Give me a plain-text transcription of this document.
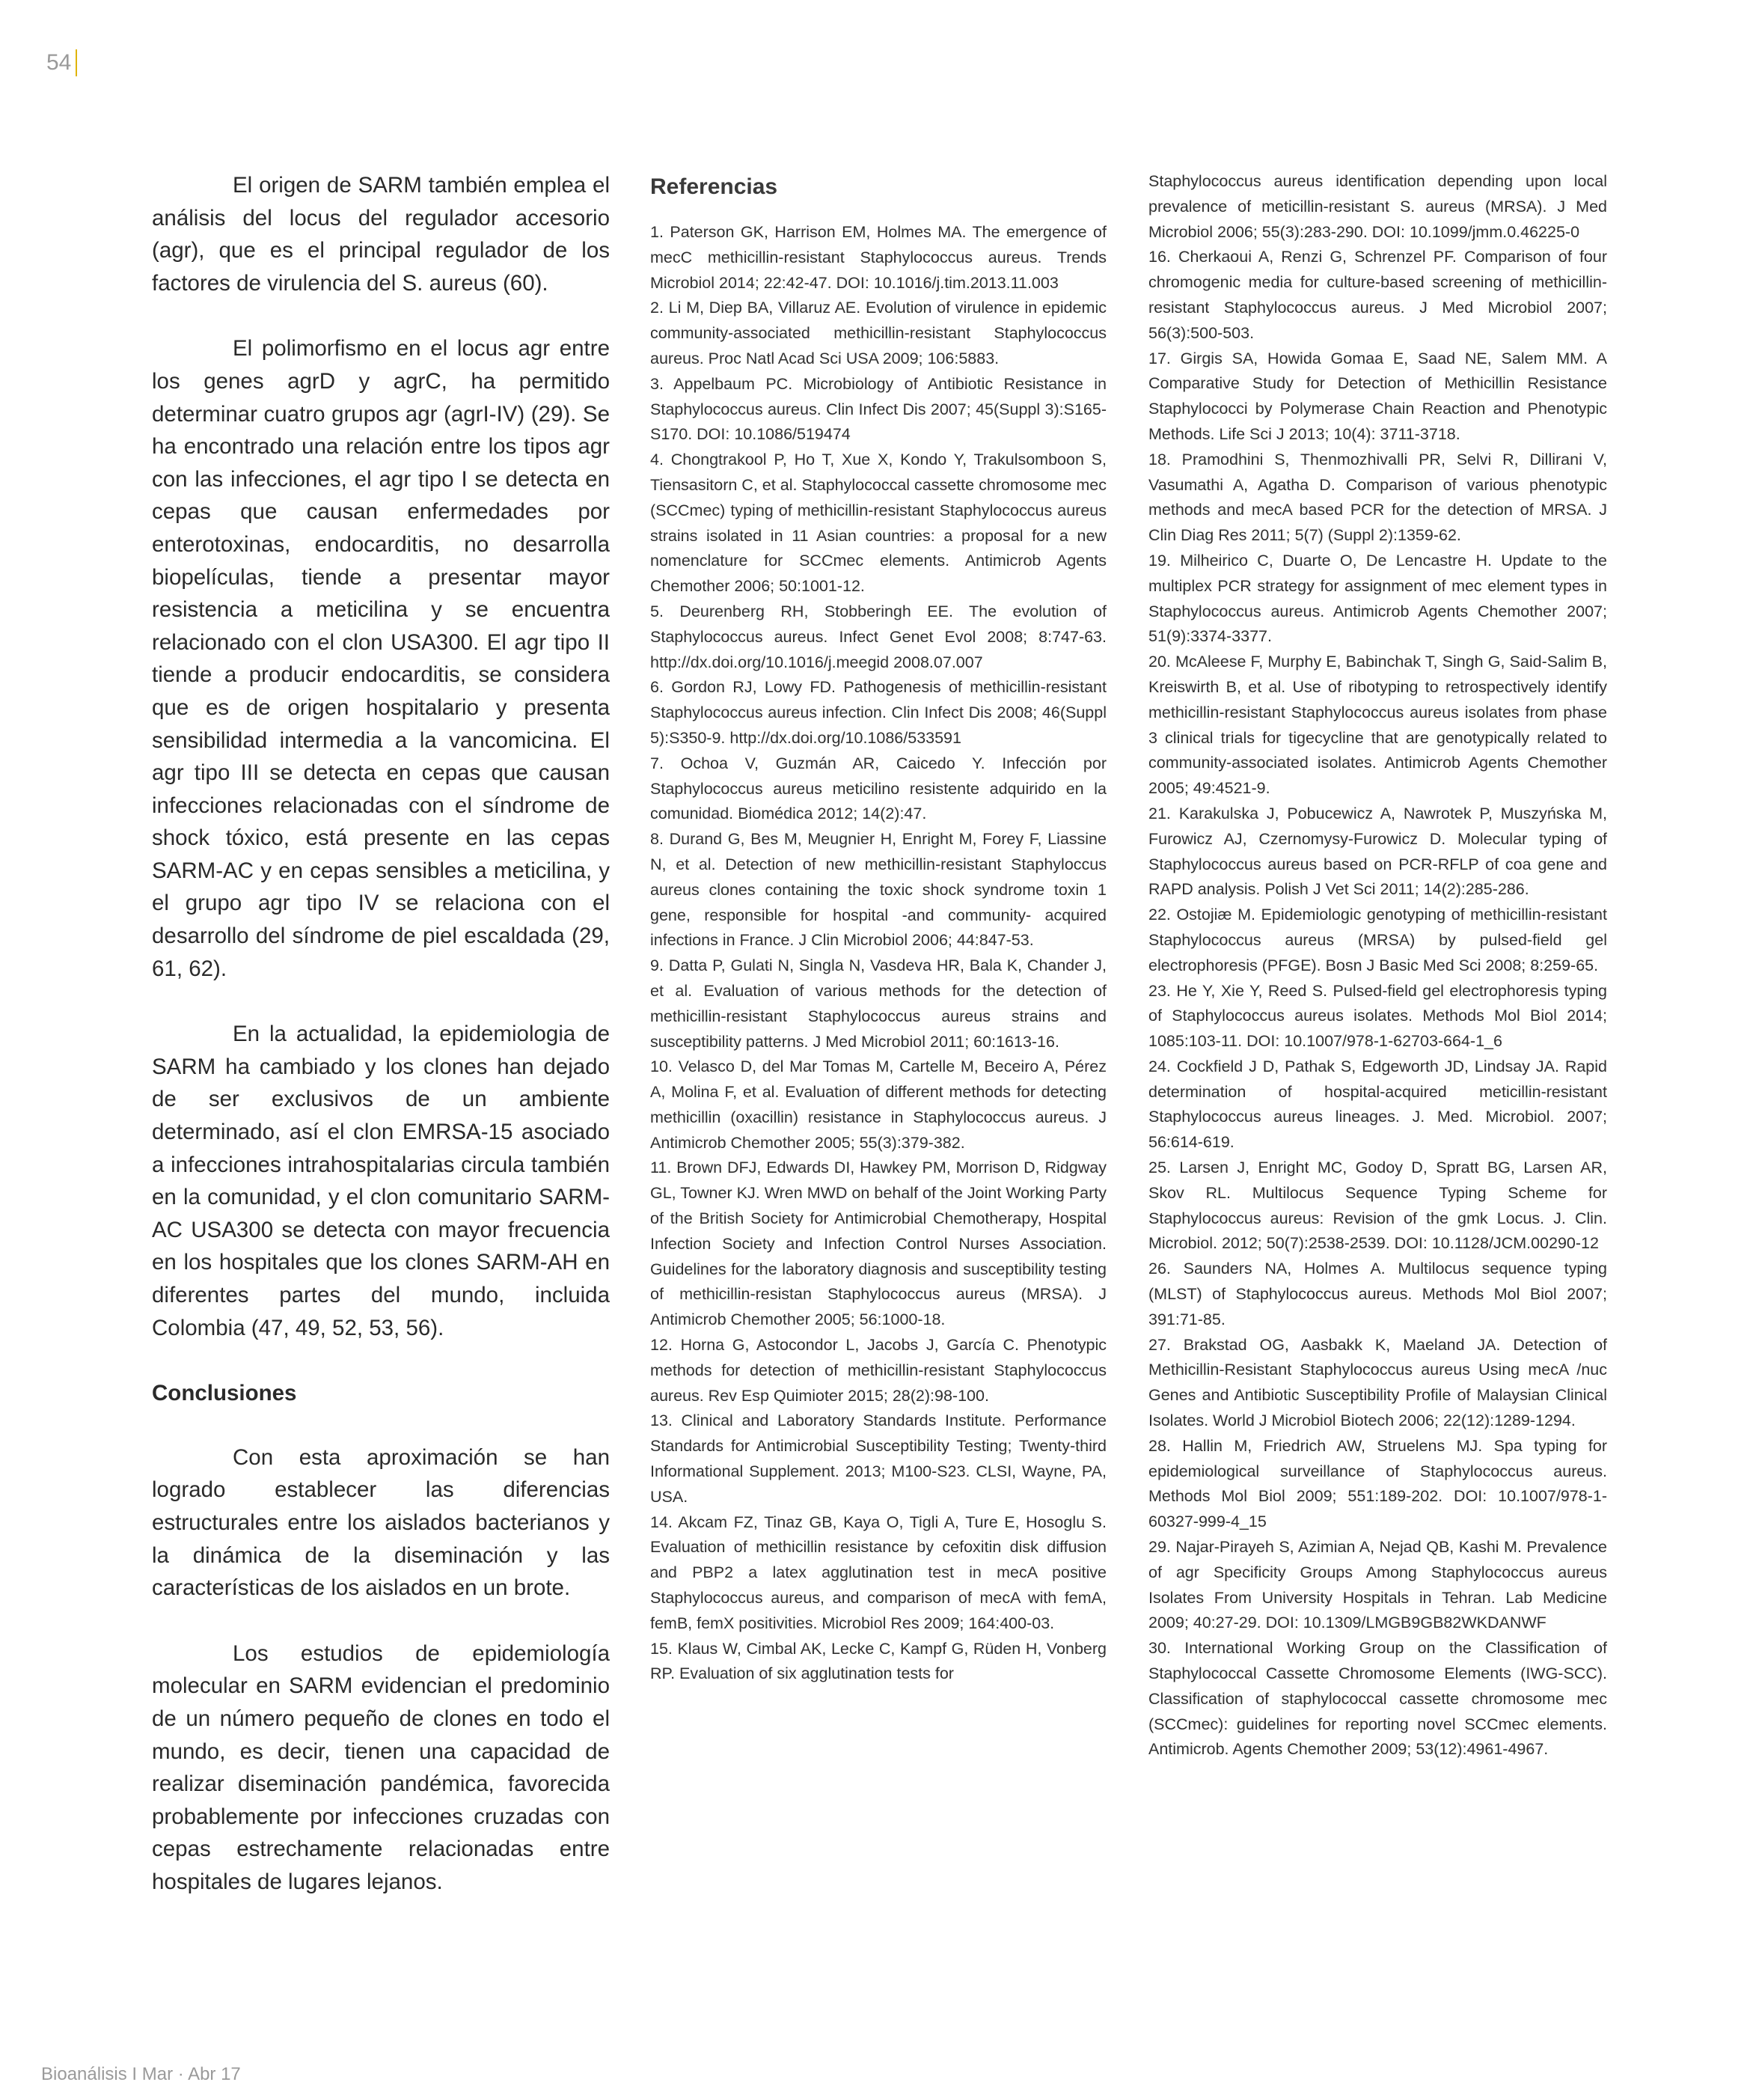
54

El origen de SARM también emplea el análisis del locus del regulador accesorio (agr), que es el principal regulador de los factores de virulencia del S. aureus (60).

El polimorfismo en el locus agr entre los genes agrD y agrC, ha permitido determinar cuatro grupos agr (agrI-IV) (29). Se ha encontrado una relación entre los tipos agr con las infecciones, el agr tipo I se detecta en cepas que causan enfermedades por enterotoxinas, endocarditis, no desarrolla biopelículas, tiende a presentar mayor resistencia a meticilina y se encuentra relacionado con el clon USA300. El agr tipo II tiende a producir endocarditis, se considera que es de origen hospitalario y presenta sensibilidad intermedia a la vancomicina. El agr tipo III se detecta en cepas que causan infecciones relacionadas con el síndrome de shock tóxico, está presente en las cepas SARM-AC y en cepas sensibles a meticilina, y el grupo agr tipo IV se relaciona con el desarrollo del síndrome de piel escaldada (29, 61, 62).

En la actualidad, la epidemiologia de SARM ha cambiado y los clones han dejado de ser exclusivos de un ambiente determinado, así el clon EMRSA-15 asociado a infecciones intrahospitalarias circula también en la comunidad, y el clon comunitario SARM-AC USA300 se detecta con mayor frecuencia en los hospitales que los clones SARM-AH en diferentes partes del mundo, incluida Colombia (47, 49, 52, 53, 56).

Conclusiones

Con esta aproximación se han logrado establecer las diferencias estructurales entre los aislados bacterianos y la dinámica de la diseminación y las características de los aislados en un brote.

Los estudios de epidemiología molecular en SARM evidencian el predominio de un número pequeño de clones en todo el mundo, es decir, tienen una capacidad de realizar diseminación pandémica, favorecida probablemente por infecciones cruzadas con cepas estrechamente relacionadas entre hospitales de lugares lejanos.

Referencias

1. Paterson GK, Harrison EM, Holmes MA. The emergence of mecC methicillin-resistant Staphylococcus aureus. Trends Microbiol 2014; 22:42-47. DOI: 10.1016/j.tim.2013.11.003

2. Li M, Diep BA, Villaruz AE. Evolution of virulence in epidemic community-associated methicillin-resistant Staphylococcus aureus. Proc Natl Acad Sci USA 2009; 106:5883.

3. Appelbaum PC. Microbiology of Antibiotic Resistance in Staphylococcus aureus. Clin Infect Dis 2007; 45(Suppl 3):S165-S170. DOI: 10.1086/519474

4. Chongtrakool P, Ho T, Xue X, Kondo Y, Trakulsomboon S, Tiensasitorn C, et al. Staphylococcal cassette chromosome mec (SCCmec) typing of methicillin-resistant Staphylococcus aureus strains isolated in 11 Asian countries: a proposal for a new nomenclature for SCCmec elements. Antimicrob Agents Chemother 2006; 50:1001-12.

5. Deurenberg RH, Stobberingh EE. The evolution of Staphylococcus aureus. Infect Genet Evol 2008; 8:747-63. http://dx.doi.org/10.1016/j.meegid 2008.07.007

6. Gordon RJ, Lowy FD. Pathogenesis of methicillin-resistant Staphylococcus aureus infection. Clin Infect Dis 2008; 46(Suppl 5):S350-9. http://dx.doi.org/10.1086/533591

7. Ochoa V, Guzmán AR, Caicedo Y. Infección por Staphylococcus aureus meticilino resistente adquirido en la comunidad. Biomédica 2012; 14(2):47.

8. Durand G, Bes M, Meugnier H, Enright M, Forey F, Liassine N, et al. Detection of new methicillin-resistant Staphyloccus aureus clones containing the toxic shock syndrome toxin 1 gene, responsible for hospital -and community- acquired infections in France. J Clin Microbiol 2006; 44:847-53.

9. Datta P, Gulati N, Singla N, Vasdeva HR, Bala K, Chander J, et al. Evaluation of various methods for the detection of methicillin-resistant Staphylococcus aureus strains and susceptibility patterns. J Med Microbiol 2011; 60:1613-16.

10. Velasco D, del Mar Tomas M, Cartelle M, Beceiro A, Pérez A, Molina F, et al. Evaluation of different methods for detecting methicillin (oxacillin) resistance in Staphylococcus aureus. J Antimicrob Chemother 2005; 55(3):379-382.

11. Brown DFJ, Edwards DI, Hawkey PM, Morrison D, Ridgway GL, Towner KJ. Wren MWD on behalf of the Joint Working Party of the British Society for Antimicrobial Chemotherapy, Hospital Infection Society and Infection Control Nurses Association. Guidelines for the laboratory diagnosis and susceptibility testing of methicillin-resistan Staphylococcus aureus (MRSA). J Antimicrob Chemother 2005; 56:1000-18.

12. Horna G, Astocondor L, Jacobs J, García C. Phenotypic methods for detection of methicillin-resistant Staphylococcus aureus. Rev Esp Quimioter 2015; 28(2):98-100.

13. Clinical and Laboratory Standards Institute. Performance Standards for Antimicrobial Susceptibility Testing; Twenty-third Informational Supplement. 2013; M100-S23. CLSI, Wayne, PA, USA.

14. Akcam FZ, Tinaz GB, Kaya O, Tigli A, Ture E, Hosoglu S. Evaluation of methicillin resistance by cefoxitin disk diffusion and PBP2 a latex agglutination test in mecA positive Staphylococcus aureus, and comparison of mecA with femA, femB, femX positivities. Microbiol Res 2009; 164:400-03.

15. Klaus W, Cimbal AK, Lecke C, Kampf G, Rüden H, Vonberg RP. Evaluation of six agglutination tests for

Staphylococcus aureus identification depending upon local prevalence of meticillin-resistant S. aureus (MRSA). J Med Microbiol 2006; 55(3):283-290. DOI: 10.1099/jmm.0.46225-0

16. Cherkaoui A, Renzi G, Schrenzel PF. Comparison of four chromogenic media for culture-based screening of methicillin-resistant Staphylococcus aureus. J Med Microbiol 2007; 56(3):500-503.

17. Girgis SA, Howida Gomaa E, Saad NE, Salem MM. A Comparative Study for Detection of Methicillin Resistance Staphylococci by Polymerase Chain Reaction and Phenotypic Methods. Life Sci J 2013; 10(4): 3711-3718.

18. Pramodhini S, Thenmozhivalli PR, Selvi R, Dillirani V, Vasumathi A, Agatha D. Comparison of various phenotypic methods and mecA based PCR for the detection of MRSA. J Clin Diag Res 2011; 5(7) (Suppl 2):1359-62.

19. Milheirico C, Duarte O, De Lencastre H. Update to the multiplex PCR strategy for assignment of mec element types in Staphylococcus aureus. Antimicrob Agents Chemother 2007; 51(9):3374-3377.

20. McAleese F, Murphy E, Babinchak T, Singh G, Said-Salim B, Kreiswirth B, et al. Use of ribotyping to retrospectively identify methicillin-resistant Staphylococcus aureus isolates from phase 3 clinical trials for tigecycline that are genotypically related to community-associated isolates. Antimicrob Agents Chemother 2005; 49:4521-9.

21. Karakulska J, Pobucewicz A, Nawrotek P, Muszyńska M, Furowicz AJ, Czernomysy-Furowicz D. Molecular typing of Staphylococcus aureus based on PCR-RFLP of coa gene and RAPD analysis. Polish J Vet Sci 2011; 14(2):285-286.

22. Ostojiæ M. Epidemiologic genotyping of methicillin-resistant Staphylococcus aureus (MRSA) by pulsed-field gel electrophoresis (PFGE). Bosn J Basic Med Sci 2008; 8:259-65.

23. He Y, Xie Y, Reed S. Pulsed-field gel electrophoresis typing of Staphylococcus aureus isolates. Methods Mol Biol 2014; 1085:103-11. DOI: 10.1007/978-1-62703-664-1_6

24. Cockfield J D, Pathak S, Edgeworth JD, Lindsay JA. Rapid determination of hospital-acquired meticillin-resistant Staphylococcus aureus lineages. J. Med. Microbiol. 2007; 56:614-619.

25. Larsen J, Enright MC, Godoy D, Spratt BG, Larsen AR, Skov RL. Multilocus Sequence Typing Scheme for Staphylococcus aureus: Revision of the gmk Locus. J. Clin. Microbiol. 2012; 50(7):2538-2539. DOI: 10.1128/JCM.00290-12

26. Saunders NA, Holmes A. Multilocus sequence typing (MLST) of Staphylococcus aureus. Methods Mol Biol 2007; 391:71-85.

27. Brakstad OG, Aasbakk K, Maeland JA. Detection of Methicillin-Resistant Staphylococcus aureus Using mecA /nuc Genes and Antibiotic Susceptibility Profile of Malaysian Clinical Isolates. World J Microbiol Biotech 2006; 22(12):1289-1294.

28. Hallin M, Friedrich AW, Struelens MJ. Spa typing for epidemiological surveillance of Staphylococcus aureus. Methods Mol Biol 2009; 551:189-202. DOI: 10.1007/978-1-60327-999-4_15

29. Najar-Pirayeh S, Azimian A, Nejad QB, Kashi M. Prevalence of agr Specificity Groups Among Staphylococcus aureus Isolates From University Hospitals in Tehran. Lab Medicine 2009; 40:27-29. DOI: 10.1309/LMGB9GB82WKDANWF

30. International Working Group on the Classification of Staphylococcal Cassette Chromosome Elements (IWG-SCC). Classification of staphylococcal cassette chromosome mec (SCCmec): guidelines for reporting novel SCCmec elements. Antimicrob. Agents Chemother 2009; 53(12):4961-4967.

Bioanálisis I Mar · Abr 17
